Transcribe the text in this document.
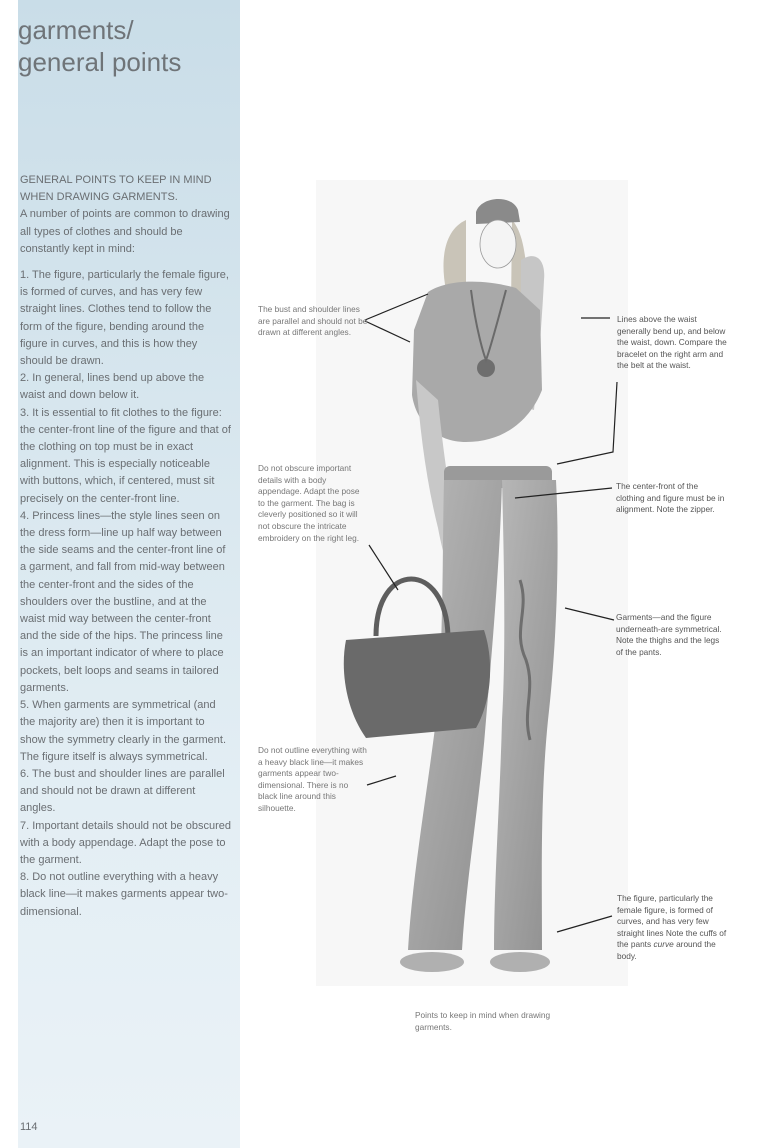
garments/
general points

GENERAL POINTS TO KEEP IN MIND

WHEN DRAWING GARMENTS.

A number of points are common to drawing all types of clothes and should be constantly kept in mind:

1. The figure, particularly the female figure, is formed of curves, and has very few straight lines. Clothes tend to follow the form of the figure, bending around the figure in curves, and this is how they should be drawn.

2. In general, lines bend up above the waist and down below it.

3. It is essential to fit clothes to the figure: the center-front line of the figure and that of the clothing on top must be in exact alignment. This is especially noticeable with buttons, which, if centered, must sit precisely on the center-front line.

4. Princess lines—the style lines seen on the dress form—line up half way between the side seams and the center-front line of a garment, and fall from mid-way between the center-front and the sides of the shoulders over the bustline, and at the waist mid way between the center-front and the side of the hips. The princess line is an important indicator of where to place pockets, belt loops and seams in tailored garments.

5. When garments are symmetrical (and the majority are) then it is important to show the symmetry clearly in the garment. The figure itself is always symmetrical.

6. The bust and shoulder lines are parallel and should not be drawn at different angles.

7. Important details should not be obscured with a body appendage. Adapt the pose to the garment.

8. Do not outline everything with a heavy black line—it makes garments appear two-dimensional.

114
The bust and shoulder lines are parallel and should not be drawn at different angles.
Do not obscure important details with a body appendage. Adapt the pose to the garment. The bag is cleverly positioned so it will not obscure the intricate embroidery on the right leg.
Do not outline everything with a heavy black line—it makes garments appear two-dimensional. There is no black line around this silhouette.
Lines above the waist generally bend up, and below the waist, down. Compare the bracelet on the right arm and the belt at the waist.
The center-front of the clothing and figure must be in alignment. Note the zipper.
Garments—and the figure underneath-are symmetrical. Note the thighs and the legs of the pants.
The figure, particularly the female figure, is formed of curves, and has very few straight lines Note the cuffs of the pants curve around the body.
Points to keep in mind when drawing garments.
